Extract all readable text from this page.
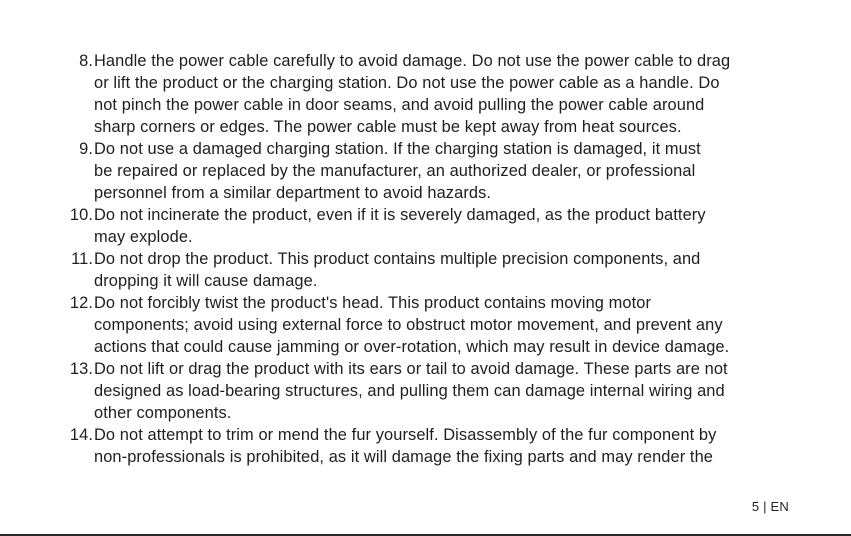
8. Handle the power cable carefully to avoid damage. Do not use the power cable to drag
or lift the product or the charging station. Do not use the power cable as a handle. Do
not pinch the power cable in door seams, and avoid pulling the power cable around
sharp corners or edges. The power cable must be kept away from heat sources.
9. Do not use a damaged charging station. If the charging station is damaged, it must
be repaired or replaced by the manufacturer, an authorized dealer, or professional
personnel from a similar department to avoid hazards.
10. Do not incinerate the product, even if it is severely damaged, as the product battery
may explode.
11. Do not drop the product. This product contains multiple precision components, and
dropping it will cause damage.
12. Do not forcibly twist the product's head. This product contains moving motor
components; avoid using external force to obstruct motor movement, and prevent any
actions that could cause jamming or over-rotation, which may result in device damage.
13. Do not lift or drag the product with its ears or tail to avoid damage. These parts are not
designed as load-bearing structures, and pulling them can damage internal wiring and
other components.
14. Do not attempt to trim or mend the fur yourself. Disassembly of the fur component by
non-professionals is prohibited, as it will damage the fixing parts and may render the
5 | EN
